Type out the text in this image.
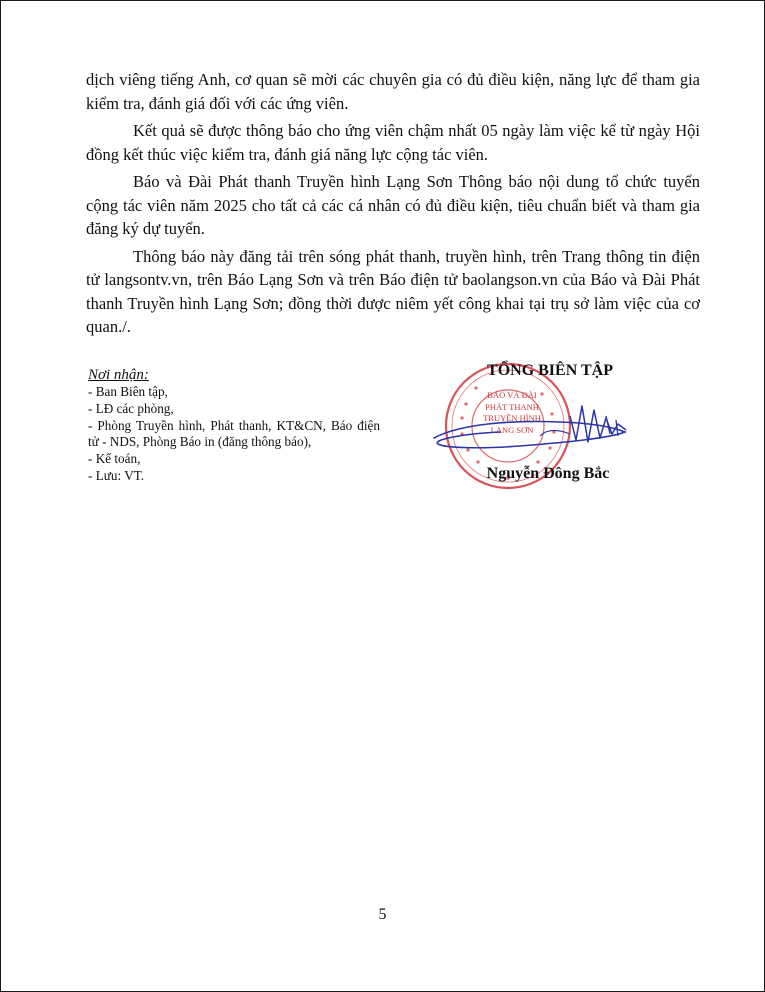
dịch viêng tiếng Anh, cơ quan sẽ mời các chuyên gia có đủ điều kiện, năng lực để tham gia kiểm tra, đánh giá đối với các ứng viên.

Kết quả sẽ được thông báo cho ứng viên chậm nhất 05 ngày làm việc kể từ ngày Hội đồng kết thúc việc kiểm tra, đánh giá năng lực cộng tác viên.

Báo và Đài Phát thanh Truyền hình Lạng Sơn Thông báo nội dung tổ chức tuyển cộng tác viên năm 2025 cho tất cả các cá nhân có đủ điều kiện, tiêu chuẩn biết và tham gia đăng ký dự tuyển.

Thông báo này đăng tải trên sóng phát thanh, truyền hình, trên Trang thông tin điện tử langsontv.vn, trên Báo Lạng Sơn và trên Báo điện tử baolangson.vn của Báo và Đài Phát thanh Truyền hình Lạng Sơn; đồng thời được niêm yết công khai tại trụ sở làm việc của cơ quan./.

Nơi nhận:
- Ban Biên tập,
- LĐ các phòng,
- Phòng Truyền hình, Phát thanh, KT&CN, Báo điện tử - NDS, Phòng Báo in (đăng thông báo),
- Kế toán,
- Lưu: VT.
BÁO VÀ ĐÀI
PHÁT THANH
TRUYỀN HÌNH
LẠNG SƠN
TỔNG BIÊN TẬP
Nguyễn Đông Bắc
5
